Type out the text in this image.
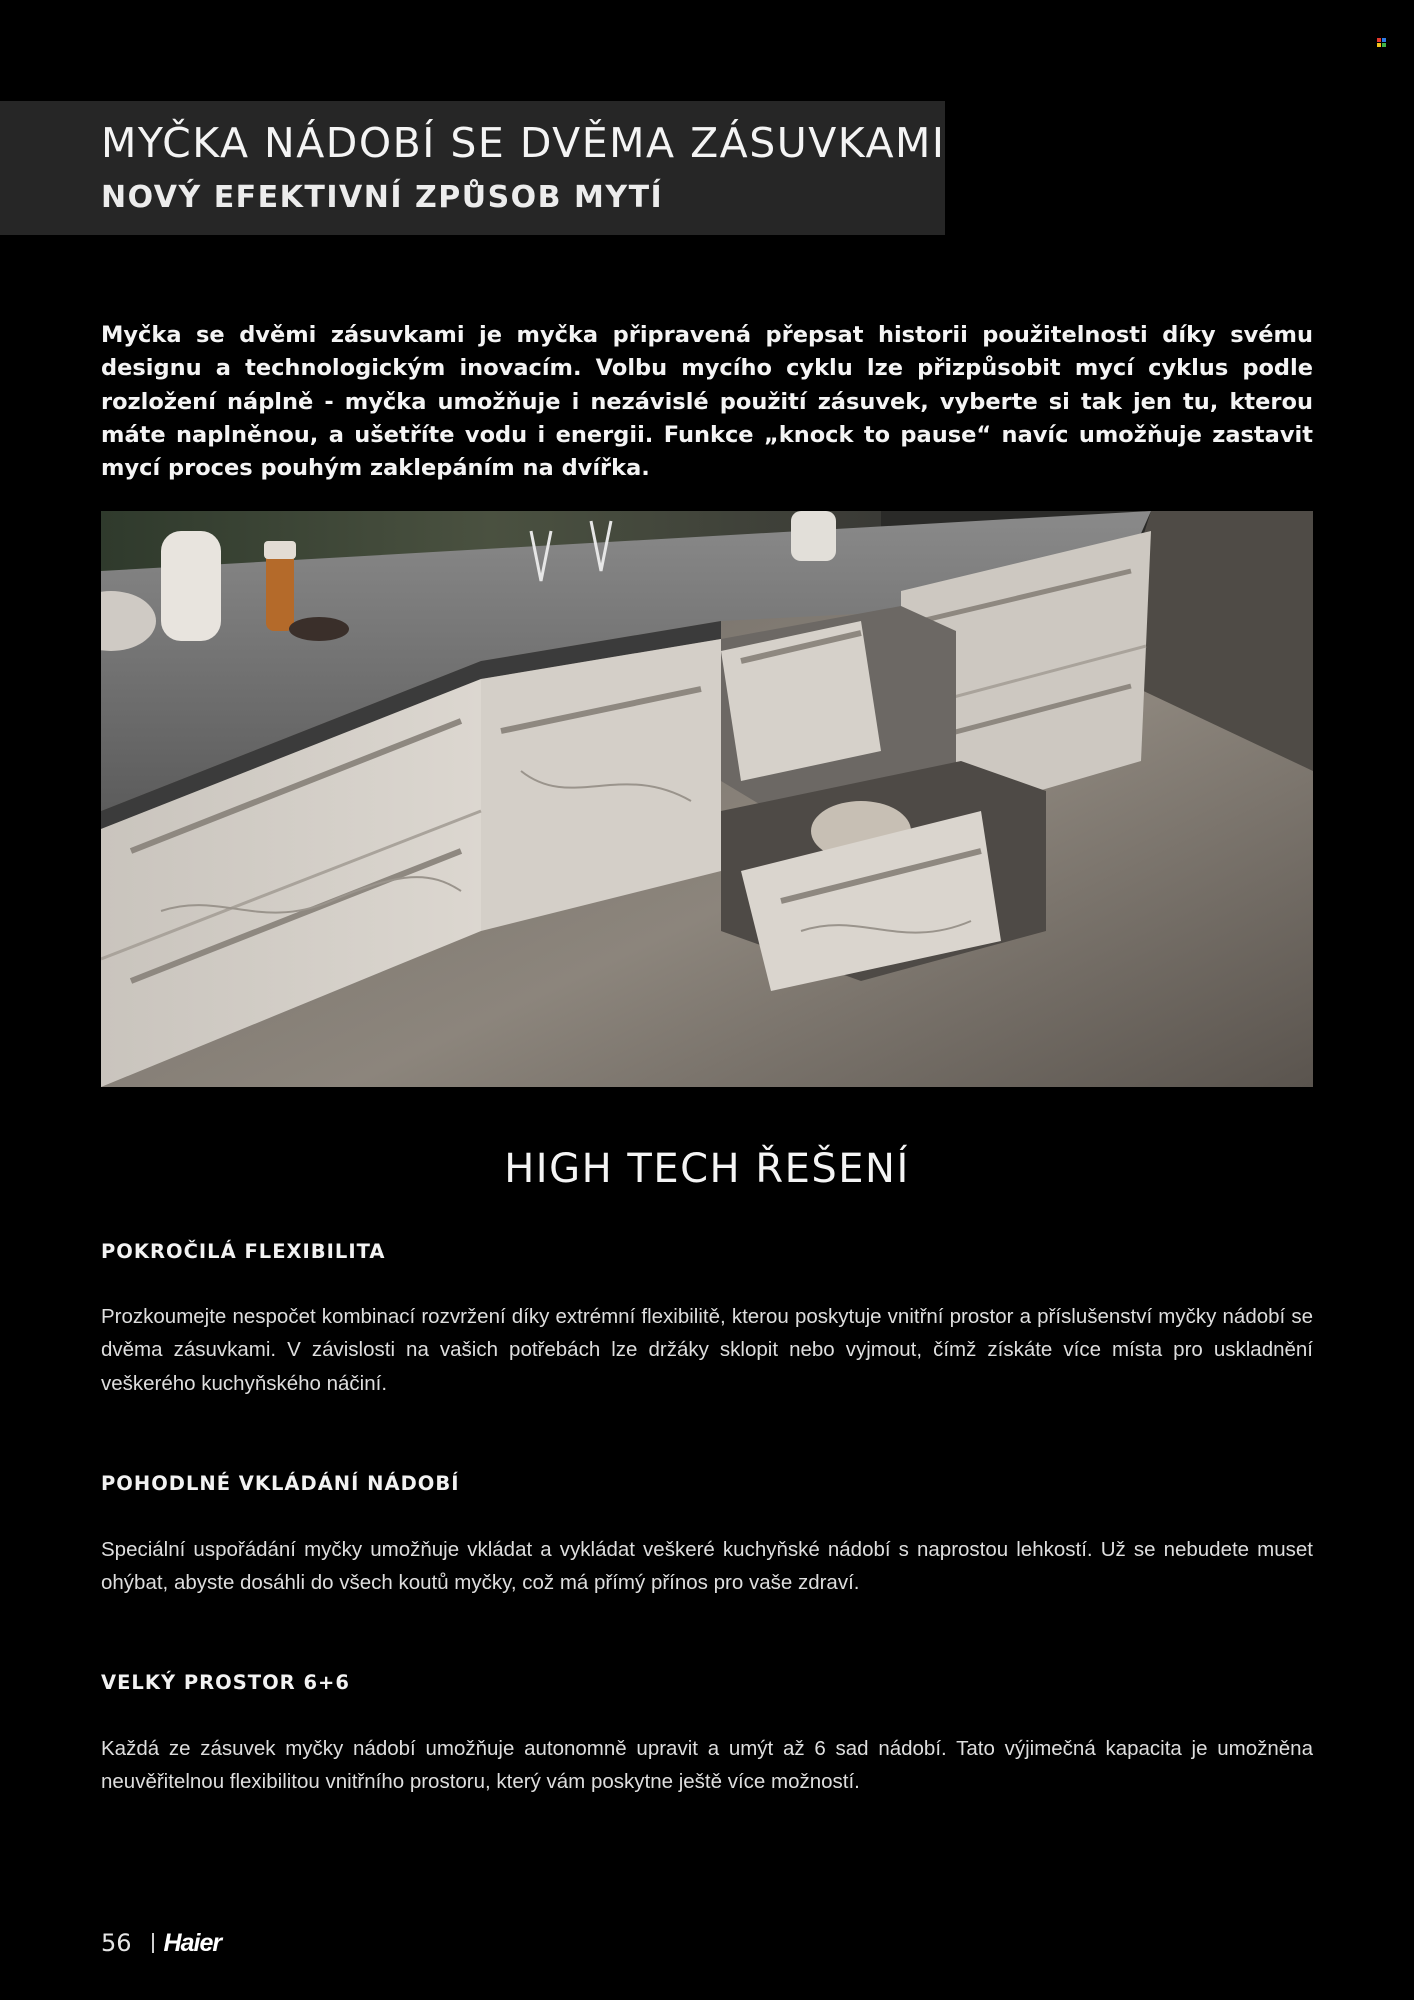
MYČKA NÁDOBÍ SE DVĚMA ZÁSUVKAMI
NOVÝ EFEKTIVNÍ ZPŮSOB MYTÍ

Myčka se dvěmi zásuvkami je myčka připravená přepsat historii použitelnosti díky svému designu a technologickým inovacím. Volbu mycího cyklu lze přizpůsobit mycí cyklus podle rozložení náplně - myčka umožňuje i nezávislé použití zásuvek, vyberte si tak jen tu, kterou máte naplněnou, a ušetříte vodu i energii. Funkce „knock to pause“ navíc umožňuje zastavit mycí proces pouhým zaklepáním na dvířka.

HIGH TECH ŘEŠENÍ
POKROČILÁ FLEXIBILITA

Prozkoumejte nespočet kombinací rozvržení díky extrémní flexibilitě, kterou poskytuje vnitřní prostor a příslušenství myčky nádobí se dvěma zásuvkami. V závislosti na vašich potřebách lze držáky sklopit nebo vyjmout, čímž získáte více místa pro uskladnění veškerého kuchyňského náčiní.

POHODLNÉ VKLÁDÁNÍ NÁDOBÍ

Speciální uspořádání myčky umožňuje vkládat a vykládat veškeré kuchyňské nádobí s naprostou lehkostí. Už se nebudete muset ohýbat, abyste dosáhli do všech koutů myčky, což má přímý přínos pro vaše zdraví.

VELKÝ PROSTOR 6+6

Každá ze zásuvek myčky nádobí umožňuje autonomně upravit a umýt až 6 sad nádobí. Tato výjimečná kapacita je umožněna neuvěřitelnou flexibilitou vnitřního prostoru, který vám poskytne ještě více možností.

56 Haier
